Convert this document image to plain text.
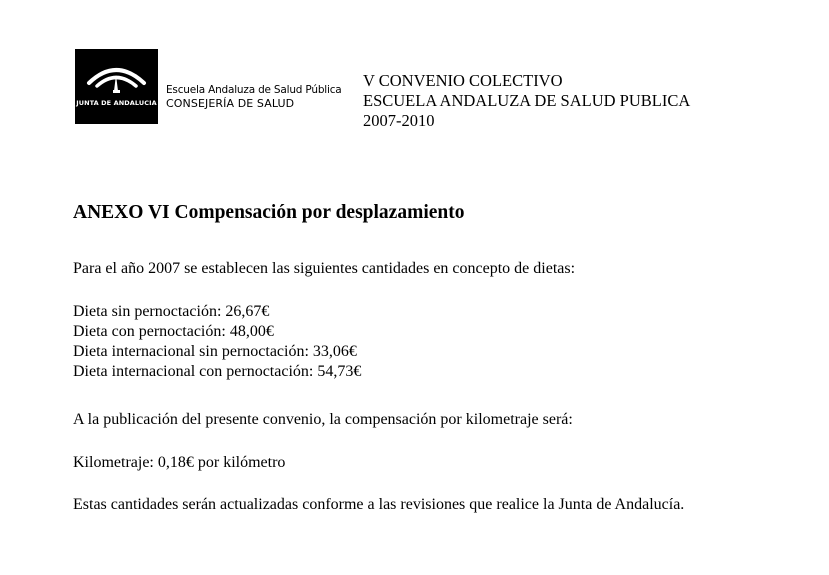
JUNTA DE ANDALUCIA
Escuela Andaluza de Salud Pública
CONSEJERÍA DE SALUD
V CONVENIO COLECTIVO
ESCUELA ANDALUZA DE SALUD PUBLICA
2007-2010
ANEXO VI Compensación por desplazamiento
Para el año 2007 se establecen las siguientes cantidades en concepto de dietas:
Dieta sin pernoctación: 26,67€
Dieta con pernoctación: 48,00€
Dieta internacional sin pernoctación: 33,06€
Dieta internacional con pernoctación: 54,73€
A la publicación del presente convenio, la compensación por kilometraje será:
Kilometraje: 0,18€ por kilómetro
Estas cantidades serán actualizadas conforme a las revisiones que realice la Junta de Andalucía.
